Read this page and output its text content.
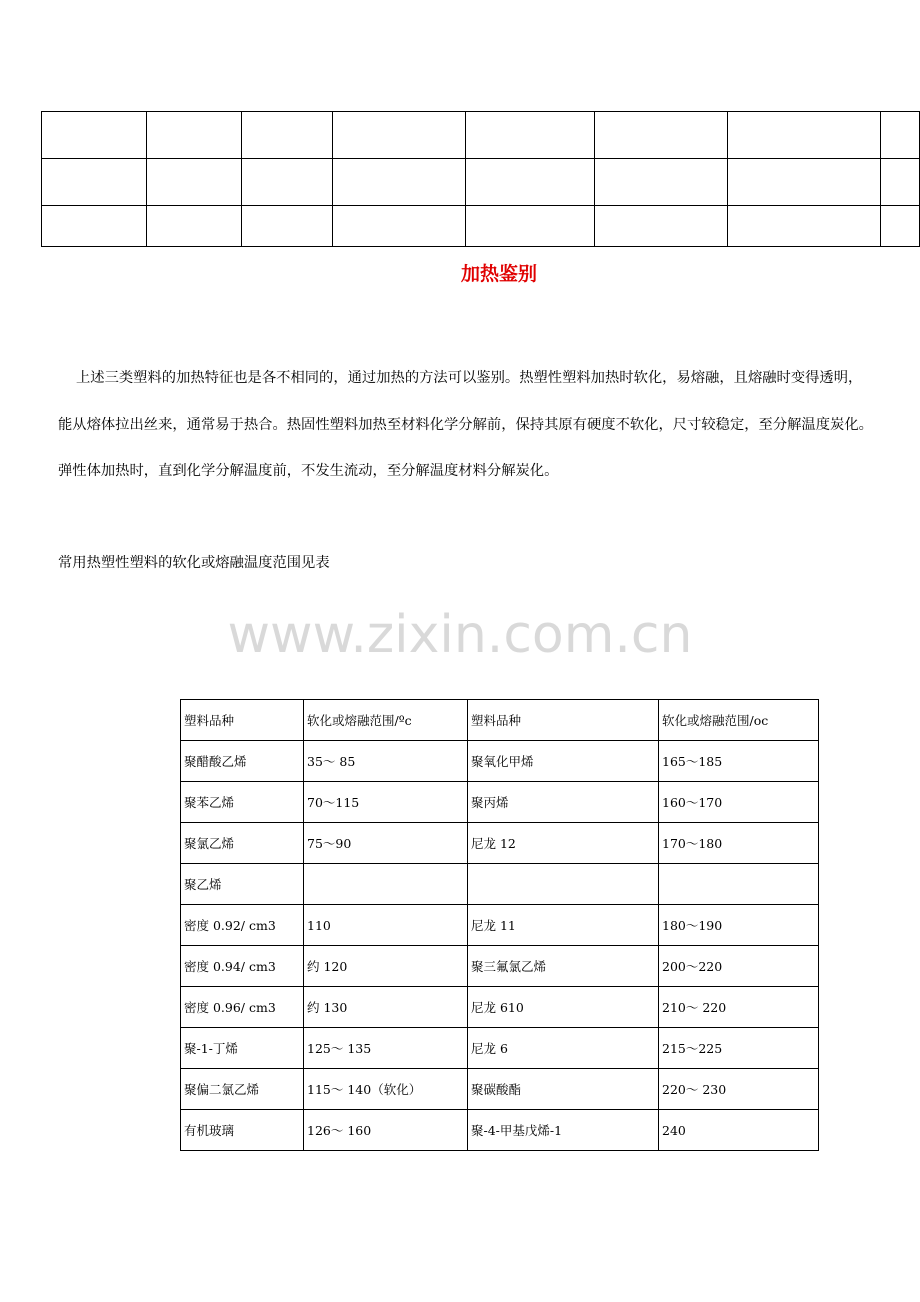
加热鉴别
上述三类塑料的加热特征也是各不相同的，通过加热的方法可以鉴别。热塑性塑料加热时软化，易熔融，且熔融时变得透明，
能从熔体拉出丝来，通常易于热合。热固性塑料加热至材料化学分解前，保持其原有硬度不软化，尺寸较稳定，至分解温度炭化。
弹性体加热时，直到化学分解温度前，不发生流动，至分解温度材料分解炭化。
常用热塑性塑料的软化或熔融温度范围见表
www.zixin.com.cn
塑料品种	软化或熔融范围/ºc	塑料品种	软化或熔融范围/oc
聚醋酸乙烯	35～ 85	聚氧化甲烯	165～185
聚苯乙烯	70～115	聚丙烯	160～170
聚氯乙烯	75～90	尼龙 12	170～180
聚乙烯			
密度 0.92/ cm3	110	尼龙 11	180～190
密度 0.94/ cm3	约 120	聚三氟氯乙烯	200～220
密度 0.96/ cm3	约 130	尼龙 610	210～ 220
聚-1-丁烯	125～ 135	尼龙 6	215～225
聚偏二氯乙烯	115～ 140（软化）	聚碳酸酯	220～ 230
有机玻璃	126～ 160	聚-4-甲基戊烯-1	240
